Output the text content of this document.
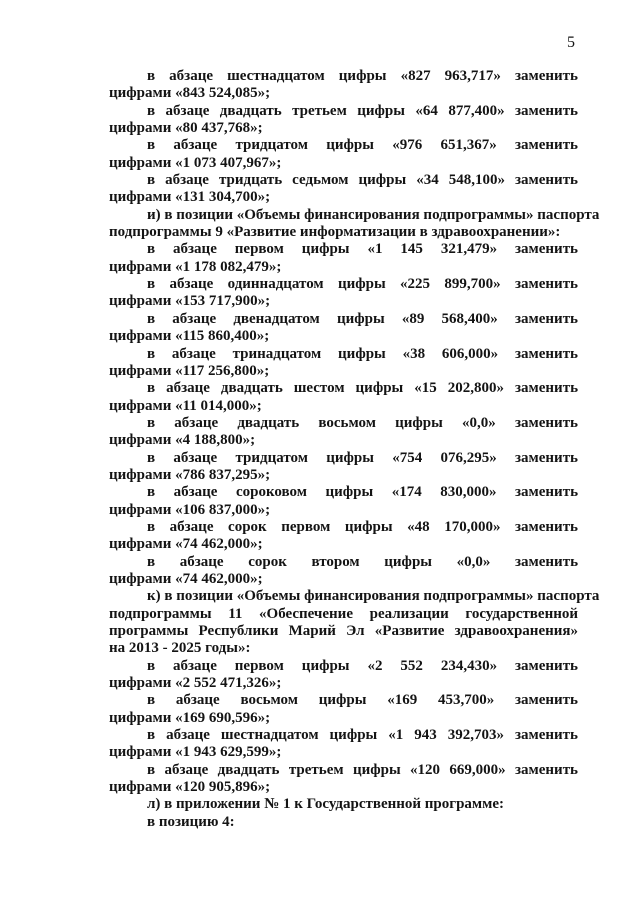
5
в абзаце шестнадцатом цифры «827 963,717» заменить
цифрами «843 524,085»;
в абзаце двадцать третьем цифры «64 877,400» заменить
цифрами «80 437,768»;
в абзаце тридцатом цифры «976 651,367» заменить
цифрами «1 073 407,967»;
в абзаце тридцать седьмом цифры «34 548,100» заменить
цифрами «131 304,700»;
и) в позиции «Объемы финансирования подпрограммы» паспорта
подпрограммы 9 «Развитие информатизации в здравоохранении»:
в абзаце первом цифры «1 145 321,479» заменить
цифрами «1 178 082,479»;
в абзаце одиннадцатом цифры «225 899,700» заменить
цифрами «153 717,900»;
в абзаце двенадцатом цифры «89 568,400» заменить
цифрами «115 860,400»;
в абзаце тринадцатом цифры «38 606,000» заменить
цифрами «117 256,800»;
в абзаце двадцать шестом цифры «15 202,800» заменить
цифрами «11 014,000»;
в абзаце двадцать восьмом цифры «0,0» заменить
цифрами «4 188,800»;
в абзаце тридцатом цифры «754 076,295» заменить
цифрами «786 837,295»;
в абзаце сороковом цифры «174 830,000» заменить
цифрами «106 837,000»;
в абзаце сорок первом цифры «48 170,000» заменить
цифрами «74 462,000»;
в абзаце сорок втором цифры «0,0» заменить
цифрами «74 462,000»;
к) в позиции «Объемы финансирования подпрограммы» паспорта
подпрограммы 11 «Обеспечение реализации государственной
программы Республики Марий Эл «Развитие здравоохранения»
на 2013 - 2025 годы»:
в абзаце первом цифры «2 552 234,430» заменить
цифрами «2 552 471,326»;
в абзаце восьмом цифры «169 453,700» заменить
цифрами «169 690,596»;
в абзаце шестнадцатом цифры «1 943 392,703» заменить
цифрами «1 943 629,599»;
в абзаце двадцать третьем цифры «120 669,000» заменить
цифрами «120 905,896»;
л) в приложении № 1 к Государственной программе:
в позицию 4:
